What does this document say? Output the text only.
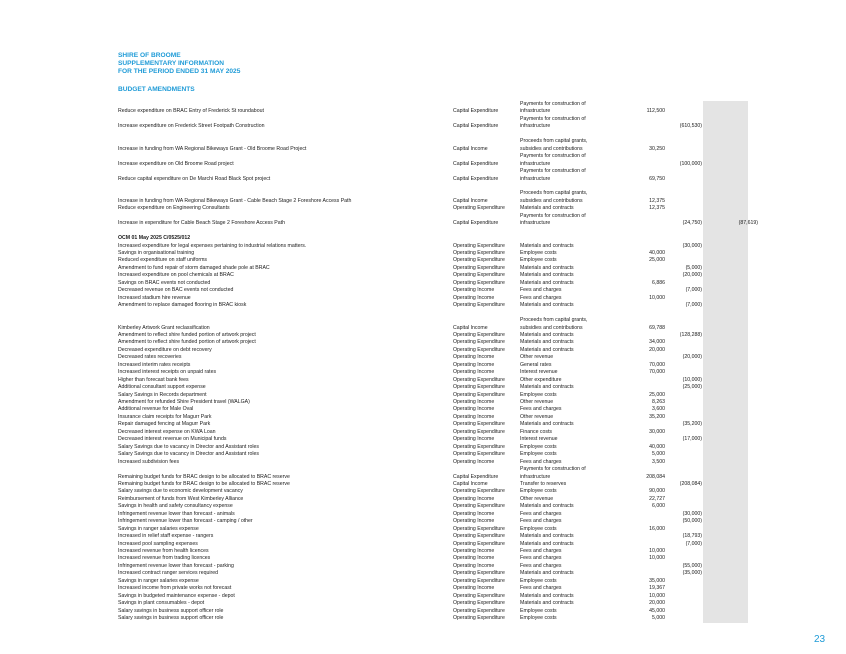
SHIRE OF BROOME
SUPPLEMENTARY INFORMATION
FOR THE PERIOD ENDED 31 MAY 2025
BUDGET AMENDMENTS
Payments for construction of
Reduce expenditure on BRAC Entry of Frederick St roundabout	Capital Expenditure	infrastructure	112,500
Payments for construction of
Increase expenditure on Frederick Street Footpath Construction	Capital Expenditure	infrastructure	(610,530)
Proceeds from capital grants,
Increase in funding from WA Regional Bikeways Grant - Old Broome Road Project	Capital Income	subsidies and contributions	30,250
Payments for construction of
Increase expenditure on Old Broome Road project	Capital Expenditure	infrastructure	(100,000)
Payments for construction of
Reduce capital expenditure on De Marchi Road Black Spot project	Capital Expenditure	infrastructure	69,750
Proceeds from capital grants,
Increase in funding from WA Regional Bikeways Grant - Cable Beach Stage 2 Foreshore Access Path	Capital Income	subsidies and contributions	12,375
Reduce expenditure on Engineering Consultants	Operating Expenditure	Materials and contracts	12,375
Payments for construction of
Increase in expenditure for Cable Beach Stage 2 Foreshore Access Path	Capital Expenditure	infrastructure	(24,750)	(87,619)
OCM 01 May 2025 C/0525/012
Increased expenditure for legal expenses pertaining to industrial relations matters.	Operating Expenditure	Materials and contracts	(30,000)
Savings in organisational training	Operating Expenditure	Employee costs	40,000
Reduced expenditure on staff uniforms	Operating Expenditure	Employee costs	25,000
Amendment to fund repair of storm damaged shade pole at BRAC	Operating Expenditure	Materials and contracts	(5,000)
Increased expenditure on pool chemicals at BRAC	Operating Expenditure	Materials and contracts	(20,000)
Savings on BRAC events not conducted	Operating Expenditure	Materials and contracts	6,886
Decreased revenue on BAC events not conducted	Operating Income	Fees and charges	(7,000)
Increased stadium hire revenue	Operating Income	Fees and charges	10,000
Amendment to replace damaged flooring in BRAC kiosk	Operating Expenditure	Materials and contracts	(7,000)
Proceeds from capital grants,
Kimberley Artwork Grant reclassification	Capital Income	subsidies and contributions	69,788
Amendment to reflect shire funded portion of artwork project	Operating Expenditure	Materials and contracts	(128,288)
Amendment to reflect shire funded portion of artwork project	Operating Expenditure	Materials and contracts	34,000
Decreased expenditure on debt recovery	Operating Expenditure	Materials and contracts	20,000
Decreased rates recoveries	Operating Income	Other revenue	(20,000)
Increased interim rates receipts	Operating Income	General rates	70,000
Increased interest receipts on unpaid rates	Operating Income	Interest revenue	70,000
Higher than forecast bank fees	Operating Expenditure	Other expenditure	(10,000)
Additional consultant support expense	Operating Expenditure	Materials and contracts	(25,000)
Salary Savings in Records department	Operating Expenditure	Employee costs	25,000
Amendment for refunded Shire President travel (WALGA)	Operating Income	Other revenue	8,263
Additional revenue for Male Oval	Operating Income	Fees and charges	3,600
Insurance claim receipts for Magurr Park	Operating Income	Other revenue	35,200
Repair damaged fencing at Magurr Park	Operating Expenditure	Materials and contracts	(35,200)
Decreased interest expense on KWA Loan	Operating Expenditure	Finance costs	30,000
Decreased interest revenue on Municipal funds	Operating Income	Interest revenue	(17,000)
Salary Savings due to vacancy in Director and Assistant roles	Operating Expenditure	Employee costs	40,000
Salary Savings due to vacancy in Director and Assistant roles	Operating Expenditure	Employee costs	5,000
Increased subdivision fees	Operating Income	Fees and charges	3,500
Payments for construction of
Remaining budget funds for BRAC design to be allocated to BRAC reserve	Capital Expenditure	infrastructure	208,084
Remaining budget funds for BRAC design to be allocated to BRAC reserve	Capital Income	Transfer to reserves	(208,084)
Salary savings due to economic development vacancy	Operating Expenditure	Employee costs	90,000
Reimbursement of funds from West Kimberley Alliance	Operating Income	Other revenue	22,727
Savings in health and safety consultancy expense	Operating Expenditure	Materials and contracts	6,000
Infringement revenue lower than forecast - animals	Operating Income	Fees and charges	(30,000)
Infringement revenue lower than forecast - camping / other	Operating Income	Fees and charges	(50,000)
Savings in ranger salaries expense	Operating Expenditure	Employee costs	16,000
Increased in relief staff expense - rangers	Operating Expenditure	Materials and contracts	(18,793)
Increased pool sampling expenses	Operating Expenditure	Materials and contracts	(7,000)
Increased revenue from health licences	Operating Income	Fees and charges	10,000
Increased revenue from trading licences	Operating Income	Fees and charges	10,000
Infringement revenue lower than forecast - parking	Operating Income	Fees and charges	(55,000)
Increased contract ranger services required	Operating Expenditure	Materials and contracts	(35,000)
Savings in ranger salaries expense	Operating Expenditure	Employee costs	35,000
Increased income from private works not forecast	Operating Income	Fees and charges	19,367
Savings in budgeted maintenance expense - depot	Operating Expenditure	Materials and contracts	10,000
Savings in plant consumables - depot	Operating Expenditure	Materials and contracts	20,000
Salary savings in business support officer role	Operating Expenditure	Employee costs	45,000
Salary savings in business support officer role	Operating Expenditure	Employee costs	5,000
23
